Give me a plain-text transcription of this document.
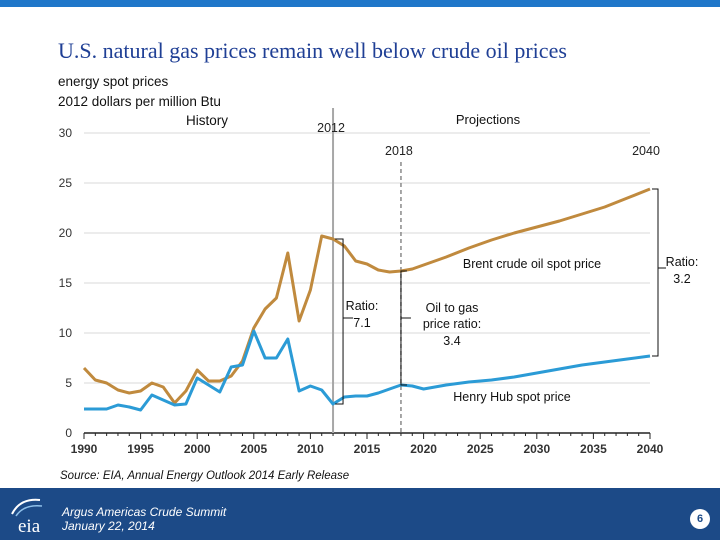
U.S. natural gas prices remain well below crude oil prices
energy spot prices
2012 dollars per million Btu
0
5
10
15
20
25
30
1990 1995 2000 2005 2010 2015 2020 2025 2030 2035 2040
2012
2018	2040
History	Projections
Ratio:
7.1
Oil to gas
price ratio:
3.4
Ratio:
3.2
Brent crude oil spot price
Henry Hub spot price
Source: EIA, Annual Energy Outlook 2014 Early Release
eia
Argus Americas Crude Summit
January 22, 2014	6
